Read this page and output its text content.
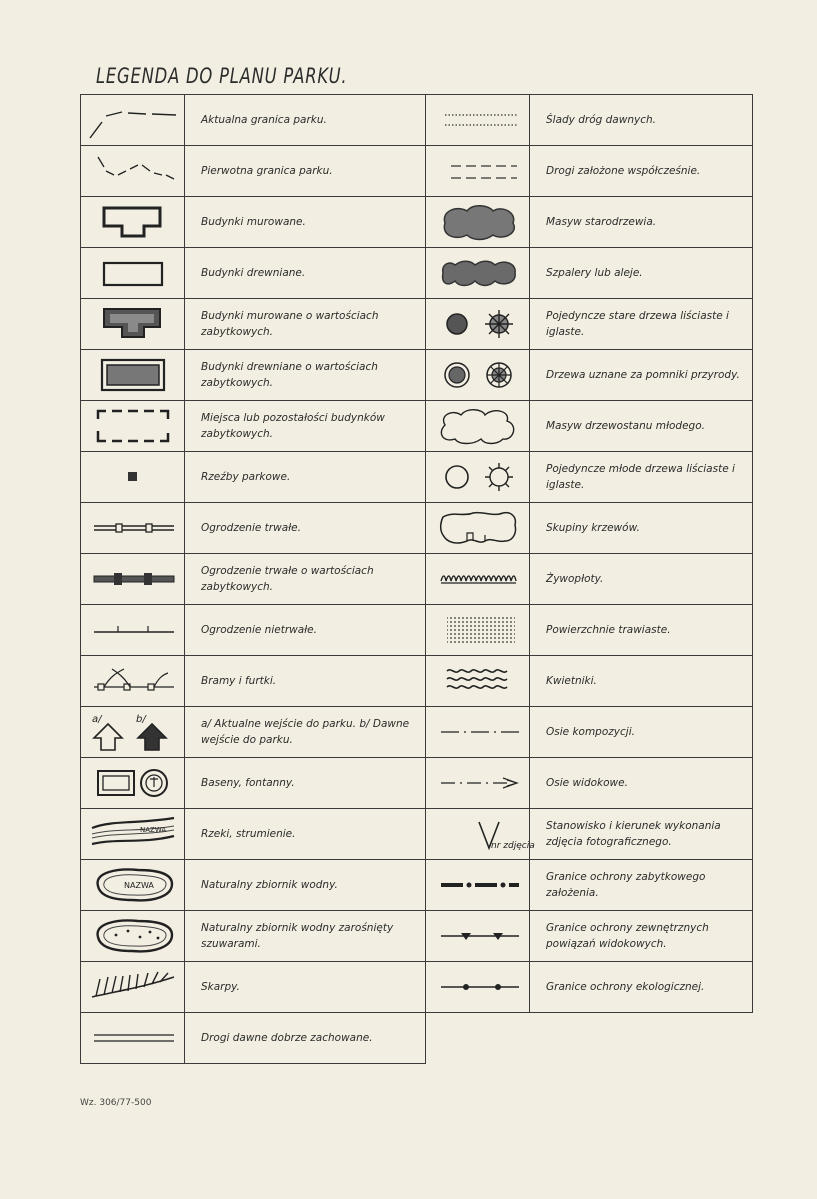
LEGENDA DO PLANU PARKU.
	Aktualna granica parku.		Ślady dróg dawnych.

	Pierwotna granica parku.		Drogi założone współcześnie.

	Budynki murowane.		Masyw starodrzewia.

	Budynki drewniane.		Szpalery lub aleje.

	Budynki murowane o wartościach zabytkowych.		Pojedyncze stare drzewa liściaste i iglaste.

	Budynki drewniane o wartościach zabytkowych.		Drzewa uznane za pomniki przyrody.

	Miejsca lub pozostałości budynków zabytkowych.		Masyw drzewostanu młodego.

	Rzeźby parkowe.		Pojedyncze młode drzewa liściaste i iglaste.

	Ogrodzenie trwałe.		Skupiny krzewów.

	Ogrodzenie trwałe o wartościach zabytkowych.		Żywopłoty.

	Ogrodzenie nietrwałe.		Powierzchnie trawiaste.

	Bramy i furtki.		Kwietniki.

a/ b/	a/ Aktualne wejście do parku. b/ Dawne wejście do parku.		Osie kompozycji.

	Baseny, fontanny.		Osie widokowe.

NAZWA	Rzeki, strumienie.	nr zdjęcia	Stanowisko i kierunek wykonania zdjęcia fotograficznego.

NAZWA	Naturalny zbiornik wodny.		Granice ochrony zabytkowego założenia.

	Naturalny zbiornik wodny zarośnięty szuwarami.		Granice ochrony zewnętrznych powiązań widokowych.

	Skarpy.		Granice ochrony ekologicznej.

	Drogi dawne dobrze zachowane.		
Wz. 306/77-500
